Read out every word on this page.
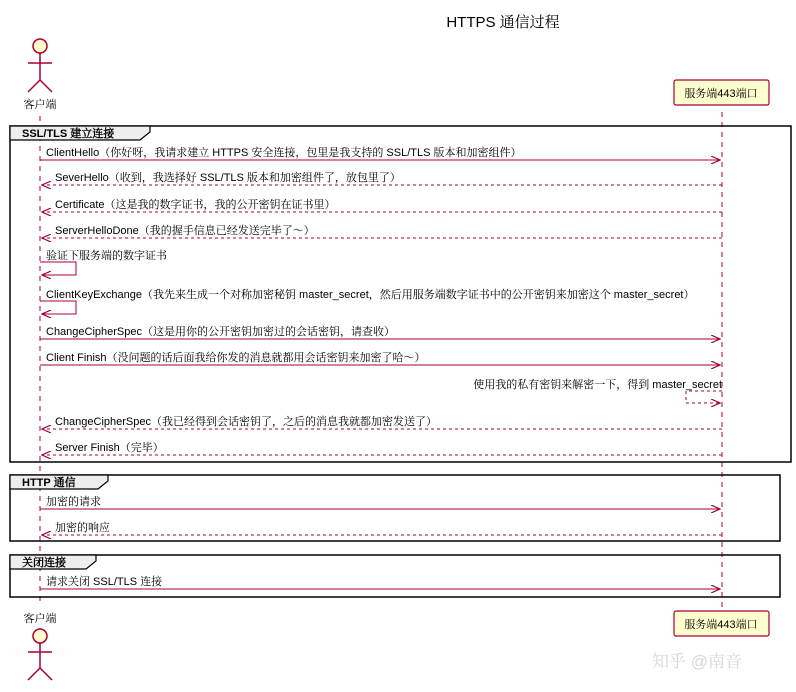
HTTPS 通信过程
客户端
服务端443端口
SSL/TLS 建立连接
HTTP 通信
关闭连接
ClientHello（你好呀，我请求建立 HTTPS 安全连接，包里是我支持的 SSL/TLS 版本和加密组件）
SeverHello（收到，我选择好 SSL/TLS 版本和加密组件了，放包里了）
Certificate（这是我的数字证书，我的公开密钥在证书里）
ServerHelloDone（我的握手信息已经发送完毕了～）
验证下服务端的数字证书
ClientKeyExchange（我先来生成一个对称加密秘钥 master_secret，然后用服务端数字证书中的公开密钥来加密这个 master_secret）
ChangeCipherSpec（这是用你的公开密钥加密过的会话密钥，请查收）
Client Finish（没问题的话后面我给你发的消息就都用会话密钥来加密了哈～）
使用我的私有密钥来解密一下，得到 master_secret
ChangeCipherSpec（我已经得到会话密钥了，之后的消息我就都加密发送了）
Server Finish（完毕）
加密的请求
加密的响应
请求关闭 SSL/TLS 连接
客户端	服务端443端口
知乎 @南音
